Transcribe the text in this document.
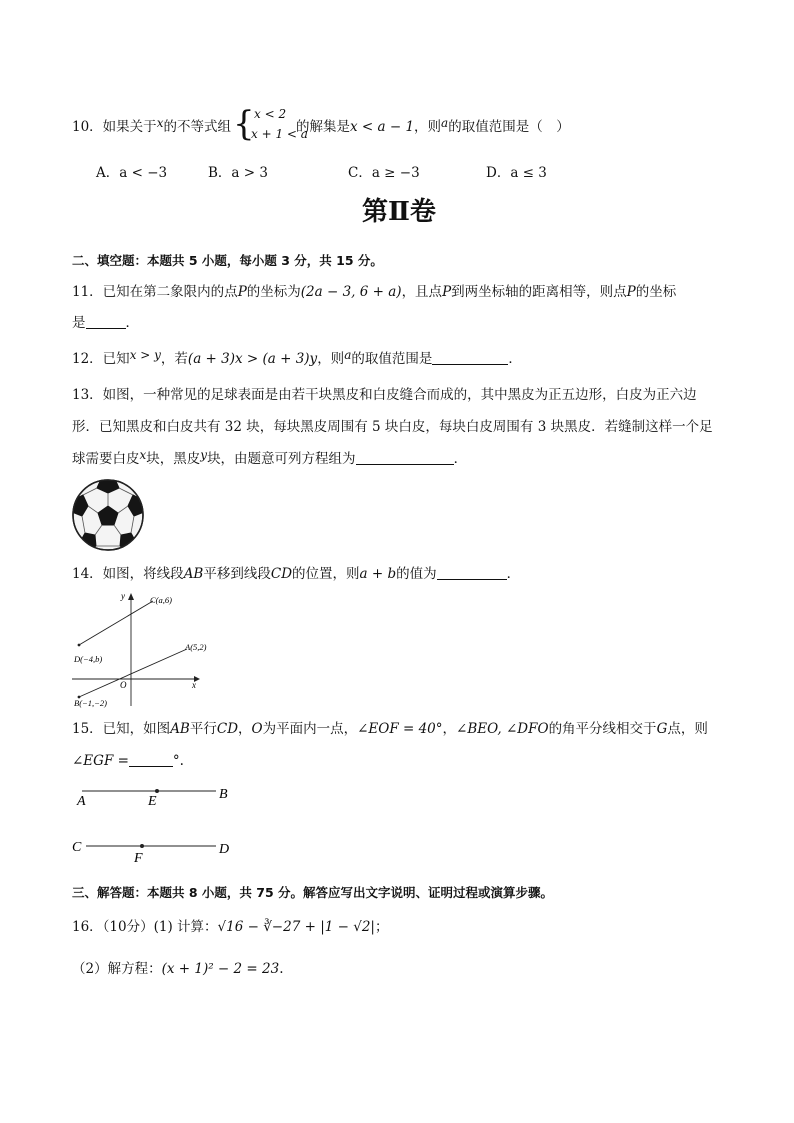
10．如果关于x的不等式组 { x < 2
x + 1 < a
的解集是x < a − 1，则a的取值范围是（　）
A．a < −3	B．a > 3	C．a ≥ −3	D．a ≤ 3
第Ⅱ卷
二、填空题：本题共 5 小题，每小题 3 分，共 15 分。
11．已知在第二象限内的点P的坐标为(2a − 3, 6 + a)，且点P到两坐标轴的距离相等，则点P的坐标
是	．
12．已知x > y，若(a + 3)x > (a + 3)y，则a的取值范围是	．
13．如图，一种常见的足球表面是由若干块黑皮和白皮缝合而成的，其中黑皮为正五边形，白皮为正六边
形．已知黑皮和白皮共有 32 块，每块黑皮周围有 5 块白皮，每块白皮周围有 3 块黑皮．若缝制这样一个足
球需要白皮x块，黑皮y块，由题意可列方程组为	．
14．如图，将线段AB平移到线段CD的位置，则a + b的值为	．
y
x
O
C(a,6)
A(5,2)
D(−4,b)
B(−1,−2)
15．已知，如图AB平行CD，O为平面内一点，∠EOF = 40°，∠BEO, ∠DFO的角平分线相交于G点，则
∠EGF =	°.
A	E	B
C
F
D
三、解答题：本题共 8 小题，共 75 分。解答应写出文字说明、证明过程或演算步骤。
16．（10分）(1) 计算：√16 − ∛−27 + |1 − √2|；
（2）解方程：(x + 1)² − 2 = 23.
